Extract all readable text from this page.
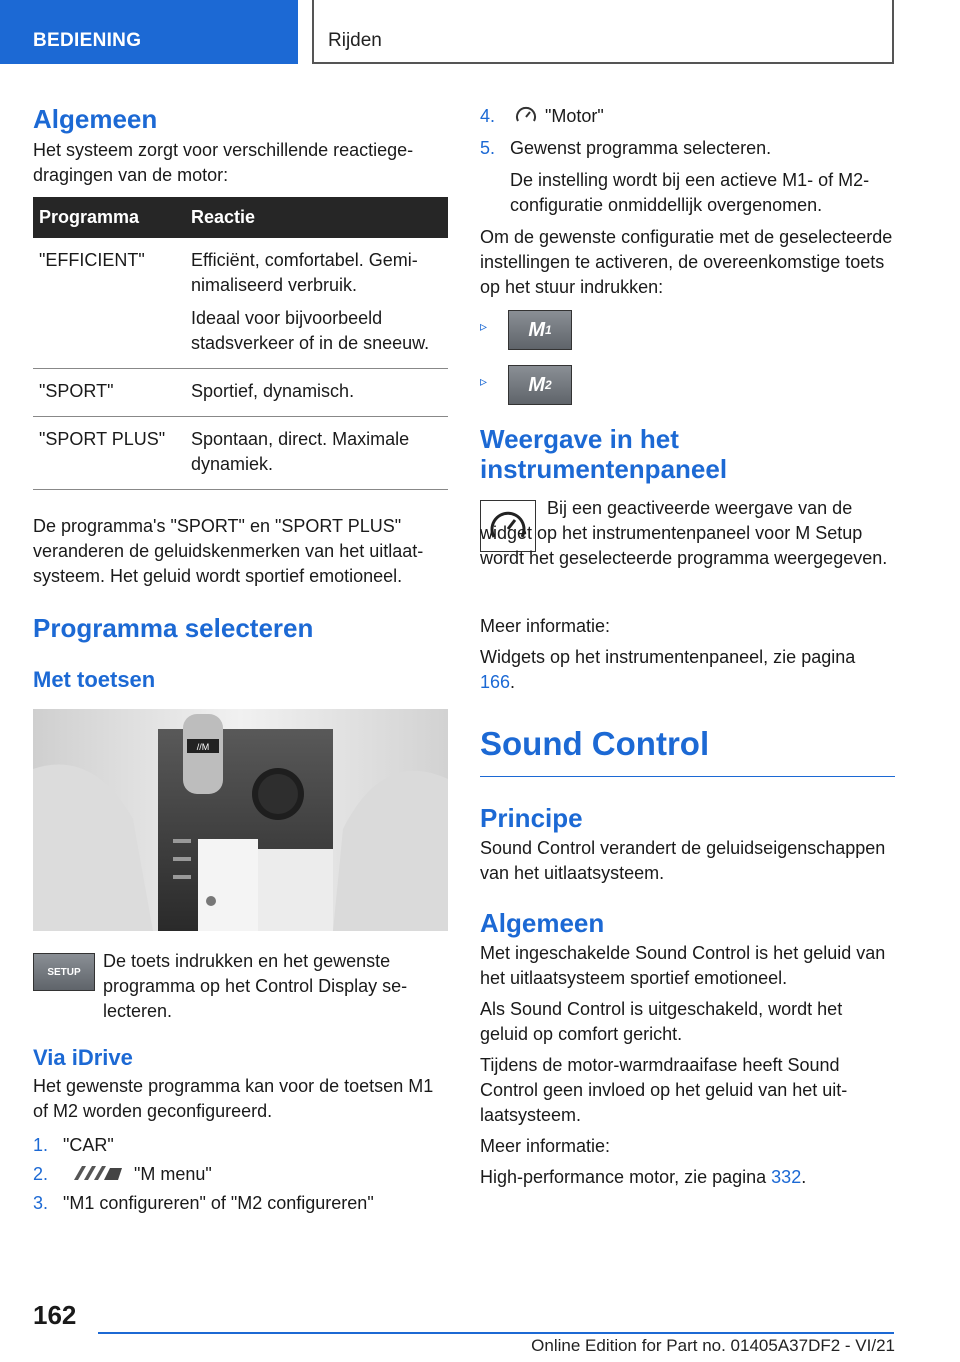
BEDIENING	Rijden
Algemeen

Het systeem zorgt voor verschillende reactiegedragingen van de motor:

Programma	Reactie
"EFFICIENT"	Efficiënt, comfortabel. Geminimaliseerd verbruik.

Ideaal voor bijvoorbeeld stadsverkeer of in de sneeuw.

"SPORT"	Sportief, dynamisch.
"SPORT PLUS"	Spontaan, direct. Maximale dynamiek.

De programma's "SPORT" en "SPORT PLUS" veranderen de geluidskenmerken van het uitlaatsysteem. Het geluid wordt sportief emotioneel.

Programma selecteren
Met toetsen
//M
SETUP

De toets indrukken en het gewenste programma op het Control Display selecteren.

Via iDrive

Het gewenste programma kan voor de toetsen M1 of M2 worden geconfigureerd.

1. "CAR"
2.	"M menu"
3. "M1 configureren" of "M2 configureren"
4.	"Motor"
5. Gewenst programma selecteren.

De instelling wordt bij een actieve M1- of M2-configuratie onmiddellijk overgenomen.

Om de gewenste configuratie met de geselecteerde instellingen te activeren, de overeenkomstige toets op het stuur indrukken:

▹ M 1
▹ M 2
Weergave in het instrumentenpaneel

Bij een geactiveerde weergave van de widget op het instrumentenpaneel voor M Setup wordt het geselecteerde programma weergegeven.

Meer informatie:

Widgets op het instrumentenpaneel, zie pagina 166.

Sound Control
Principe

Sound Control verandert de geluidseigenschappen van het uitlaatsysteem.

Algemeen

Met ingeschakelde Sound Control is het geluid van het uitlaatsysteem sportief emotioneel.

Als Sound Control is uitgeschakeld, wordt het geluid op comfort gericht.

Tijdens de motor-warmdraaifase heeft Sound Control geen invloed op het geluid van het uitlaatsysteem.

Meer informatie:

High-performance motor, zie pagina 332.

162
Online Edition for Part no. 01405A37DF2 - VI/21
